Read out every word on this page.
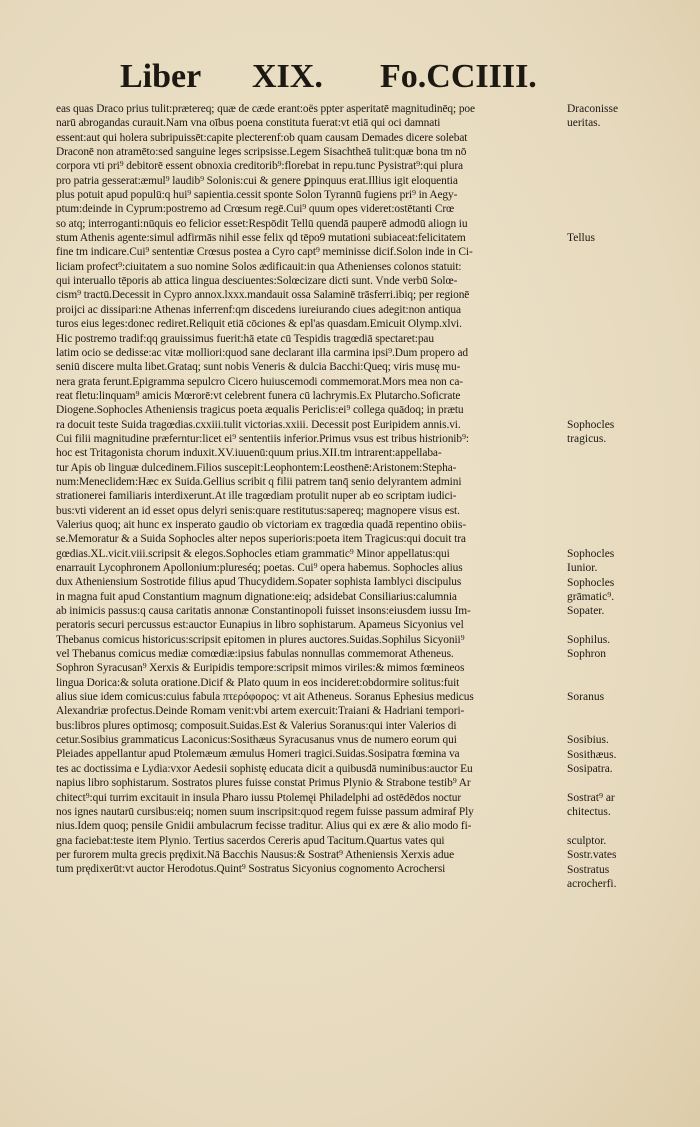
Liber XIX. Fo.CCIIII.
eas quas Draco prius tulit:prætereq; quæ de cæde erant:oës ppter asperitatē magnitudinēq; poe
narū abrogandas curauit.Nam vna oībus poena constituta fuerat:vt etiā qui oci damnati
essent:aut qui holera subripuissēt:capite plecterenf:ob quam causam Demades dicere solebat
Draconē non atramēto:sed sanguine leges scripsisse.Legem Sisachtheā tulit:quæ bona tm nō
corpora vti pri⁹ debitorē essent obnoxia creditorib⁹:florebat in repu.tunc Pysistrat⁹:qui plura
pro patria gesserat:æmul⁹ laudib⁹ Solonis:cui & genere ꝑpinquus erat.Illius igit eloquentia
plus potuit apud populū:q hui⁹ sapientia.cessit sponte Solon Tyrannū fugiens pri⁹ in Aegy-
ptum:deinde in Cyprum:postremo ad Crœsum regē.Cui⁹ quum opes videret:ostētanti Crœ
so atq; interroganti:nūquis eo felicior esset:Respōdit Tellū quendā pauperē admodū aliogn iu
stum Athenis agente:simul adfirmās nihil esse felix qd tēpo9 mutationi subiaceat:felicitatem
fine tm indicare.Cui⁹ sententiæ Crœsus postea a Cyro capt⁹ meminisse dicif.Solon inde in Ci-
liciam profect⁹:ciuitatem a suo nomine Solos ædificauit:in qua Athenienses colonos statuit:
qui interuallo tēporis ab attica lingua desciuentes:Solœcizare dicti sunt. Vnde verbū Solœ-
cism⁹ tractū.Decessit in Cypro annox.lxxx.mandauit ossa Salaminē trāsferri.ibiq; per regionē
proijci ac dissipari:ne Athenas inferrenf:qm discedens iureiurando ciues adegit:non antiqua
turos eius leges:donec rediret.Reliquit etiā cōciones & epl'as quasdam.Emicuit Olymp.xlvi.
Hic postremo tradif:qq grauissimus fuerit:hā etate cū Tespidis tragœdiā spectaret:pau
latim ocio se dedisse:ac vitæ molliori:quod sane declarant illa carmina ipsi⁹.Dum propero ad
seniū discere multa libet.Grataq; sunt nobis Veneris & dulcia Bacchi:Queq; viris musę mu-
nera grata ferunt.Epigramma sepulcro Cicero huiuscemodi commemorat.Mors mea non ca-
reat fletu:linquam⁹ amicis Mœrorē:vt celebrent funera cū lachrymis.Ex Plutarcho.Soficrate
Diogene.Sophocles Atheniensis tragicus poeta æqualis Periclis:ei⁹ collega quādoq; in prætu
ra docuit teste Suida tragœdias.cxxiii.tulit victorias.xxiii. Decessit post Euripidem annis.vi.
Cui filii magnitudine præferntur:licet ei⁹ sententiis inferior.Primus vsus est tribus histrionib⁹:
hoc est Tritagonista chorum induxit.XV.iuuenū:quum prius.XII.tm intrarent:appellaba-
tur Apis ob linguæ dulcedinem.Filios suscepit:Leophontem:Leosthenē:Aristonem:Stepha-
num:Meneclidem:Hæc ex Suida.Gellius scribit q filii patrem tanq̄ senio delyrantem admini
strationerei familiaris interdixerunt.At ille tragœdiam protulit nuper ab eo scriptam iudici-
bus:vti viderent an id esset opus delyri senis:quare restitutus:sapereq; magnopere visus est.
Valerius quoq; ait hunc ex insperato gaudio ob victoriam ex tragœdia quadā repentino obiis-
se.Memoratur & a Suida Sophocles alter nepos superioris:poeta item Tragicus:qui docuit tra
gœdias.XL.vicit.viii.scripsit & elegos.Sophocles etiam grammatic⁹ Minor appellatus:qui
enarrauit Lycophronem Apollonium:plureséq; poetas. Cui⁹ opera habemus. Sophocles alius
dux Atheniensium Sostrotide filius apud Thucydidem.Sopater sophista Iamblyci discipulus
in magna fuit apud Constantium magnum dignatione:eiq; adsidebat Consiliarius:calumnia
ab inimicis passus:q causa caritatis annonæ Constantinopoli fuisset insons:eiusdem iussu Im-
peratoris securi percussus est:auctor Eunapius in libro sophistarum. Apameus Sicyonius vel
Thebanus comicus historicus:scripsit epitomen in plures auctores.Suidas.Sophilus Sicyonii⁹
vel Thebanus comicus mediæ comœdiæ:ipsius fabulas nonnullas commemorat Atheneus.
Sophron Syracusan⁹ Xerxis & Euripidis tempore:scripsit mimos viriles:& mimos fœmineos
lingua Dorica:& soluta oratione.Dicif & Plato quum in eos incideret:obdormire solitus:fuit
alius siue idem comicus:cuius fabula πτερόφορος: vt ait Atheneus. Soranus Ephesius medicus
Alexandriæ profectus.Deinde Romam venit:vbi artem exercuit:Traiani & Hadriani tempori-
bus:libros plures optimosq; composuit.Suidas.Est & Valerius Soranus:qui inter Valerios di
cetur.Sosibius grammaticus Laconicus:Sosithæus Syracusanus vnus de numero eorum qui
Pleiades appellantur apud Ptolemæum æmulus Homeri tragici.Suidas.Sosipatra fœmina va
tes ac doctissima e Lydia:vxor Aedesii sophistę educata dicit a quibusdā numinibus:auctor Eu
napius libro sophistarum. Sostratos plures fuisse constat Primus Plynio & Strabone testib⁹ Ar
chitect⁹:qui turrim excitauit in insula Pharo iussu Ptolemęi Philadelphi ad ostēdēdos noctur
nos ignes nautarū cursibus:eiq; nomen suum inscripsit:quod regem fuisse passum admiraf Ply
nius.Idem quoq; pensile Gnidii ambulacrum fecisse traditur. Alius qui ex ære & alio modo fi-
gna faciebat:teste item Plynio. Tertius sacerdos Cereris apud Tacitum.Quartus vates qui
per furorem multa grecis prędixit.Nā Bacchis Nausus:& Sostrat⁹ Atheniensis Xerxis adue
tum prędixerūt:vt auctor Herodotus.Quint⁹ Sostratus Sicyonius cognomento Acrochersi
Draconisse
ueritas.
Tellus
Sophocles
tragicus.
Sophocles
Iunior.
Sophocles
grāmatic⁹.
Sopater.
Sophilus.
Sophron
Soranus
Sosibius.
Sosithæus.
Sosipatra.
Sostrat⁹ ar
chitectus.
sculptor.
Sostr.vates
Sostratus
acrocherfi.
